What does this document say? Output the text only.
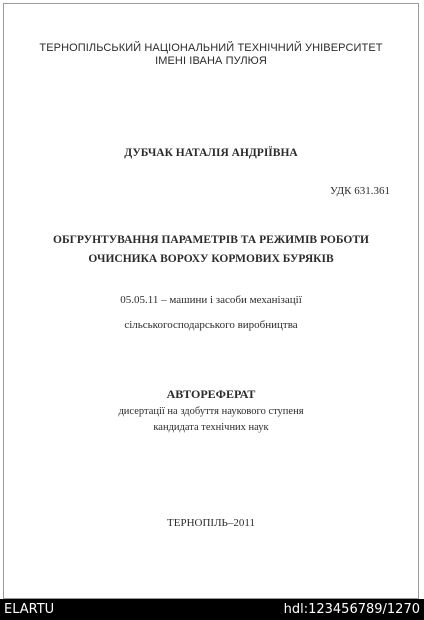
ТЕРНОПІЛЬСЬКИЙ НАЦІОНАЛЬНИЙ ТЕХНІЧНИЙ УНІВЕРСИТЕТ
ІМЕНІ ІВАНА ПУЛЮЯ
ДУБЧАК НАТАЛІЯ АНДРІЇВНА
УДК 631.361
ОБГРУНТУВАННЯ ПАРАМЕТРІВ ТА РЕЖИМІВ РОБОТИ
ОЧИСНИКА ВОРОХУ КОРМОВИХ БУРЯКІВ
05.05.11 – машини і засоби механізації
сільськогосподарського виробництва
АВТОРЕФЕРАТ
дисертації на здобуття наукового ступеня
кандидата технічних наук
ТЕРНОПІЛЬ–2011
ELARTU	hdl:123456789/1270
